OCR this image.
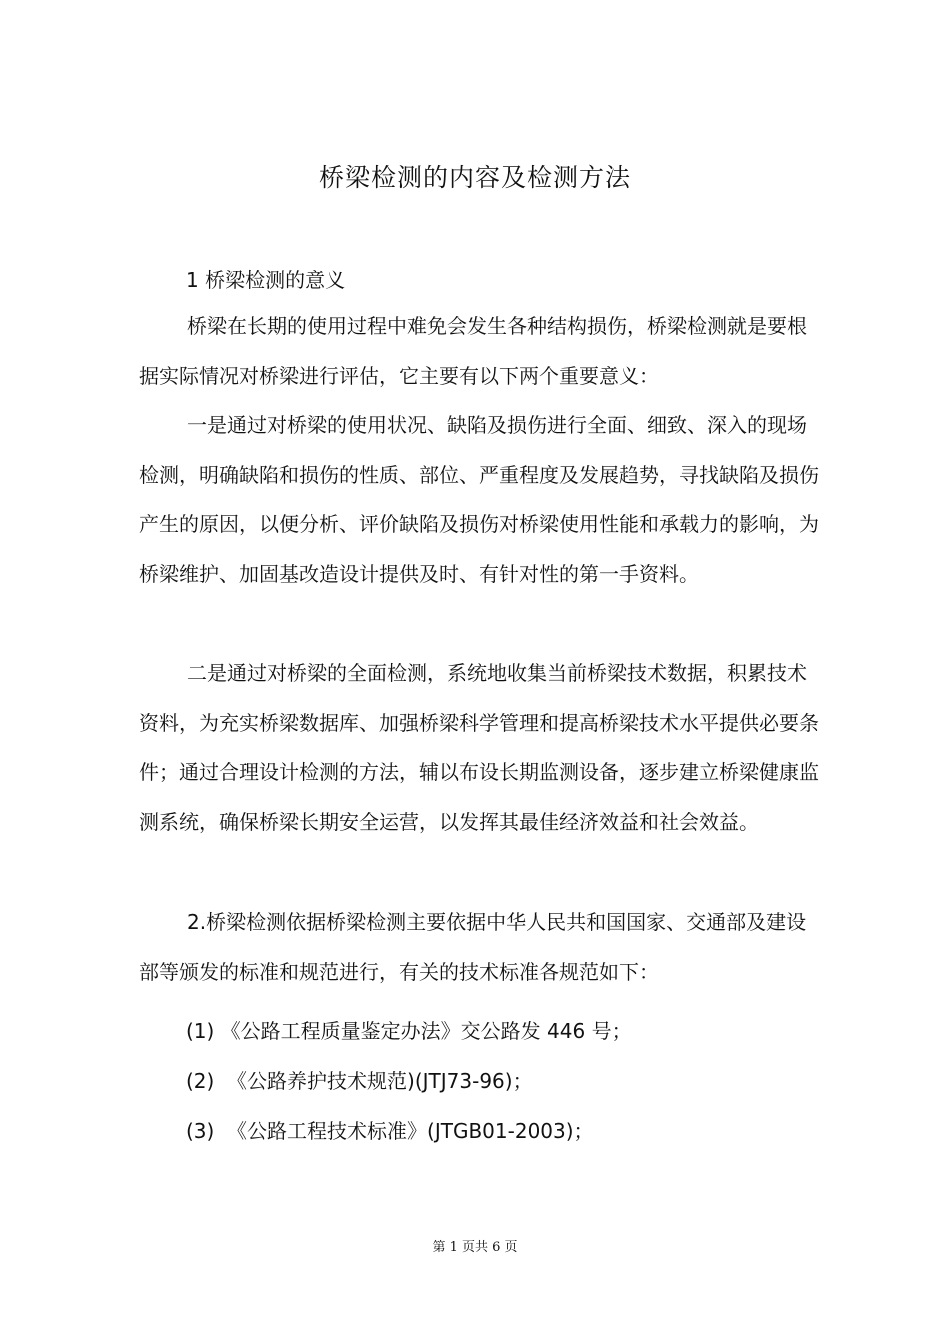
桥梁检测的内容及检测方法
1 桥梁检测的意义

桥梁在长期的使用过程中难免会发生各种结构损伤，桥梁检测就是要根据实际情况对桥梁进行评估，它主要有以下两个重要意义：

一是通过对桥梁的使用状况、缺陷及损伤进行全面、细致、深入的现场检测，明确缺陷和损伤的性质、部位、严重程度及发展趋势，寻找缺陷及损伤产生的原因，以便分析、评价缺陷及损伤对桥梁使用性能和承载力的影响，为桥梁维护、加固基改造设计提供及时、有针对性的第一手资料。

二是通过对桥梁的全面检测，系统地收集当前桥梁技术数据，积累技术资料，为充实桥梁数据库、加强桥梁科学管理和提高桥梁技术水平提供必要条件；通过合理设计检测的方法，辅以布设长期监测设备，逐步建立桥梁健康监测系统，确保桥梁长期安全运营，以发挥其最佳经济效益和社会效益。

2.桥梁检测依据桥梁检测主要依据中华人民共和国国家、交通部及建设部等颁发的标准和规范进行，有关的技术标准各规范如下：

(1) 《公路工程质量鉴定办法》交公路发 446 号；
(2)  《公路养护技术规范)(JTJ73-96)；
(3)  《公路工程技术标准》(JTGB01-2003)；
第 1 页共 6 页
